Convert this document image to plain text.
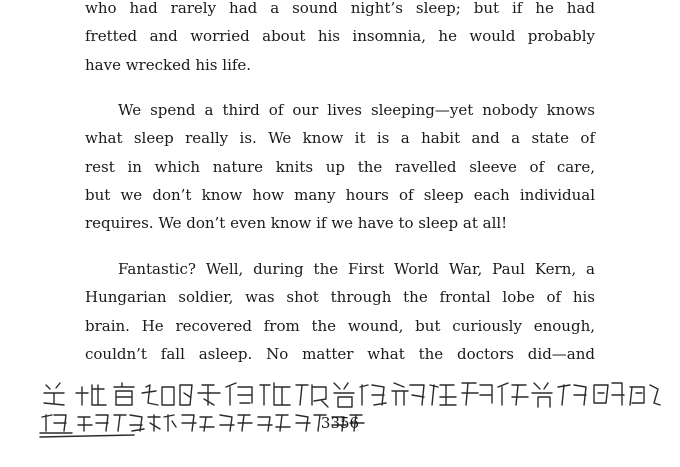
who had rarely had a sound night’s sleep; but if he had
fretted and worried about his insomnia, he would probably
have wrecked his life.
We spend a third of our lives sleeping—yet nobody knows
what sleep really is. We know it is a habit and a state of
rest in which nature knits up the ravelled sleeve of care,
but we don’t know how many hours of sleep each individual
requires. We don’t even know if we have to sleep at all!
Fantastic? Well, during the First World War, Paul Kern, a
Hungarian soldier, was shot through the frontal lobe of his
brain. He recovered from the wound, but curiously enough,
couldn’t fall asleep. No matter what the doctors did—and
3356
